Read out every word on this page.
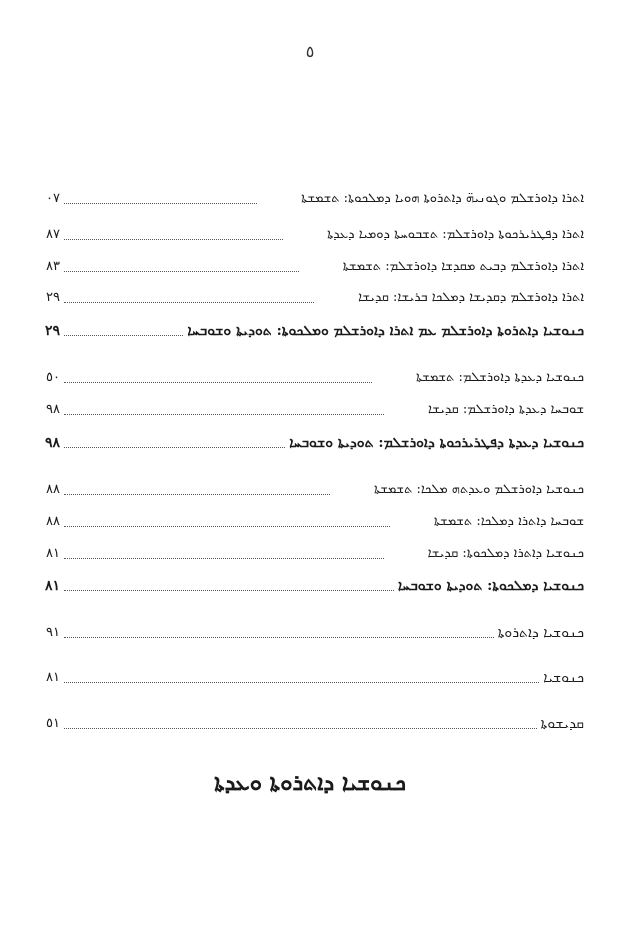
٥
٠٧	ܐܬܪܐ ܕܐܘܪܫܠܡ ܘܓܘܢܝܗ̈ ܕܐܬܪܘܬܐ ܗܘܝܐ ܕܡܠܟܘܬܐ: ܬܫܡܫܬܐ
٨٧	ܐܬܪܐ ܕܦܛܪܝܪܟܘܬܐ ܕܐܘܪܫܠܡ: ܬܫܒܘܚܬܐ ܕܘܡܝܐ ܕܥܕܬܐ
٨٣	ܐܬܪܐ ܕܐܘܪܫܠܡ ܕܒܝܬ ܡܩܕܫܐ ܕܐܘܪܫܠܡ: ܬܫܡܫܬܐ
٢٩	ܐܬܪܐ ܕܐܘܪܫܠܡ ܕܩܕܝܫܐ ܕܡܠܟܐ ܒܪܝܫܐ: ܩܕܝܫܐ
٢٩	ܟܢܘܫܝܐ ܕܐܬܪܘܬܐ ܕܐܘܪܫܠܡ ܥܡ ܐܬܪܐ ܕܐܘܪܫܠܡ ܘܡܠܟܘܬܐ: ܬܘܕܝܬܐ ܘܫܘܒܚܐ
٥٠	ܟܢܘܫܝܐ ܕܥܕܬܐ ܕܐܘܪܫܠܡ: ܬܫܡܫܬܐ
٩٨	ܫܘܒܚܐ ܕܥܕܬܐ ܕܐܘܪܫܠܡ: ܩܕܝܫܐ
٩٨	ܟܢܘܫܝܐ ܕܥܕܬܐ ܕܦܛܪܝܪܟܘܬܐ ܕܐܘܪܫܠܡ: ܬܘܕܝܬܐ ܘܫܘܒܚܐ
٨٨	ܟܢܘܫܝܐ ܕܐܘܪܫܠܡ ܘܥܕܬܗ ܡܠܟܐ: ܬܫܡܫܬܐ
٨٨	ܫܘܒܚܐ ܕܐܬܪܐ ܕܡܠܟܐ: ܬܫܡܫܬܐ
٨١	ܟܢܘܫܝܐ ܕܐܬܪܐ ܕܡܠܟܘܬܐ: ܩܕܝܫܐ
٨١	ܟܢܘܫܝܐ ܕܡܠܟܘܬܐ: ܬܘܕܝܬܐ ܘܫܘܒܚܐ
٩١	ܟܢܘܫܝܐ ܕܐܬܪܘܬܐ
٨١	ܟܢܘܫܝܐ
٥١	ܩܕܝܫܘܬܐ
ܟܢܘܫܝܐ ܕܐܬܪܘܬܐ ܘܥܕܬܐ
